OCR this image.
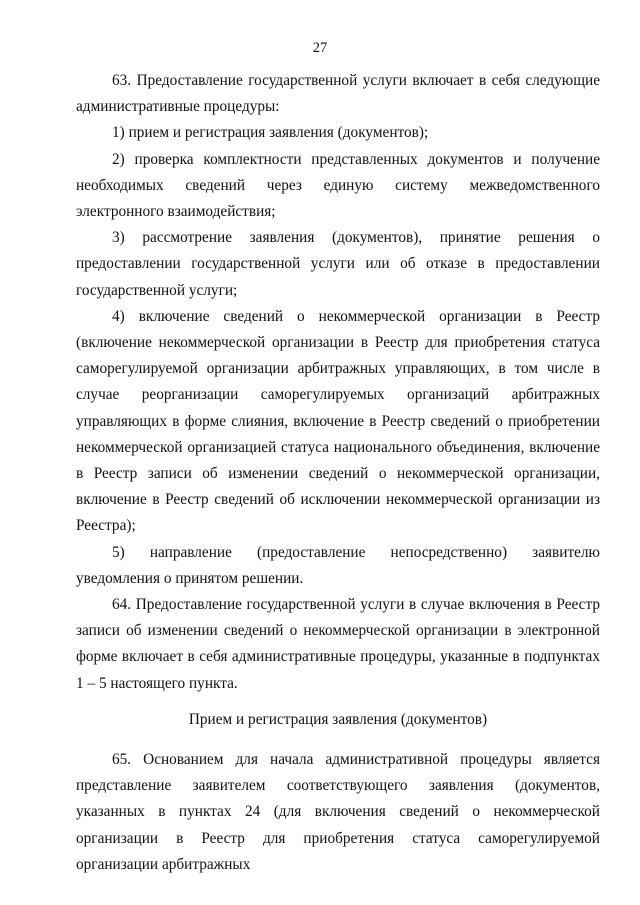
27

63. Предоставление государственной услуги включает в себя следующие административные процедуры:

1) прием и регистрация заявления (документов);

2) проверка комплектности представленных документов и получение необходимых сведений через единую систему межведомственного электронного взаимодействия;

3) рассмотрение заявления (документов), принятие решения о предоставлении государственной услуги или об отказе в предоставлении государственной услуги;

4) включение сведений о некоммерческой организации в Реестр (включение некоммерческой организации в Реестр для приобретения статуса саморегулируемой организации арбитражных управляющих, в том числе в случае реорганизации саморегулируемых организаций арбитражных управляющих в форме слияния, включение в Реестр сведений о приобретении некоммерческой организацией статуса национального объединения, включение в Реестр записи об изменении сведений о некоммерческой организации, включение в Реестр сведений об исключении некоммерческой организации из Реестра);

5) направление (предоставление непосредственно) заявителю уведомления о принятом решении.

64. Предоставление государственной услуги в случае включения в Реестр записи об изменении сведений о некоммерческой организации в электронной форме включает в себя административные процедуры, указанные в подпунктах 1 – 5 настоящего пункта.

Прием и регистрация заявления (документов)

65. Основанием для начала административной процедуры является представление заявителем соответствующего заявления (документов, указанных в пунктах 24 (для включения сведений о некоммерческой организации в Реестр для приобретения статуса саморегулируемой организации арбитражных
